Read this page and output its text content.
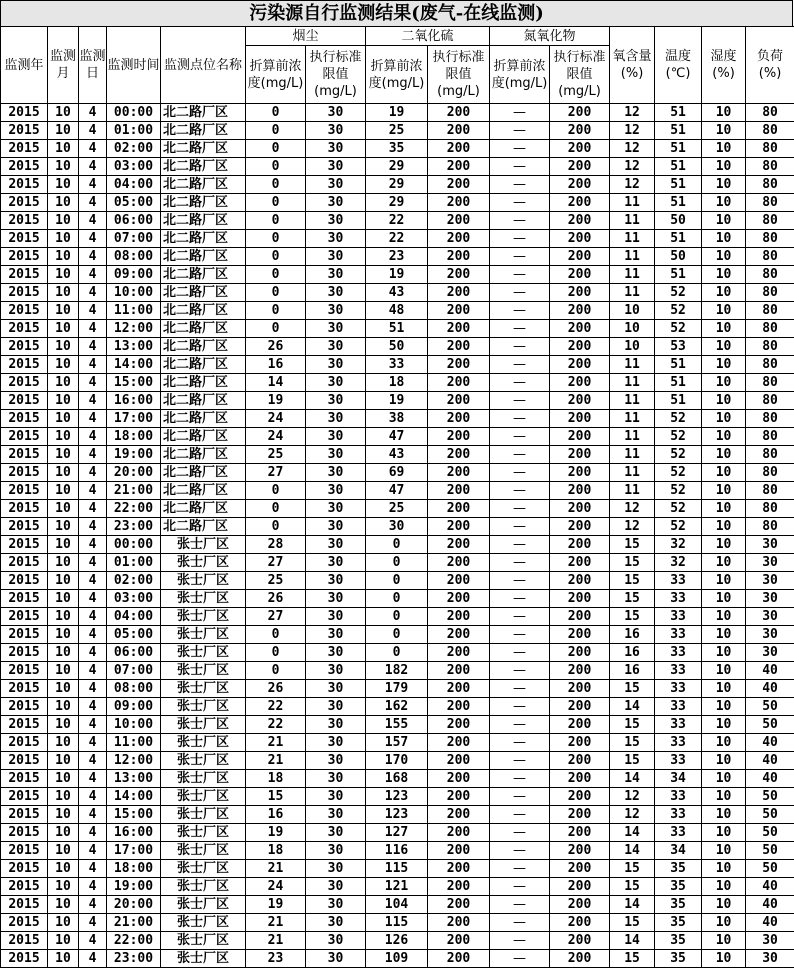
污染源自行监测结果(废气-在线监测)
监测年	监测月	监测日	监测时间	监测点位名称	烟尘		二氧化硫		氮氧化物		氧含量(%)	温度(℃)	湿度(%)	负荷(%)
					折算前浓度(mg/L)	执行标准限值(mg/L)	折算前浓度(mg/L)	执行标准限值(mg/L)	折算前浓度(mg/L)	执行标准限值(mg/L)				
2015	10	4	00:00	北二路厂区	0	30	19	200	—	200	12	51	10	80
2015	10	4	01:00	北二路厂区	0	30	25	200	—	200	12	51	10	80
2015	10	4	02:00	北二路厂区	0	30	35	200	—	200	12	51	10	80
2015	10	4	03:00	北二路厂区	0	30	29	200	—	200	12	51	10	80
2015	10	4	04:00	北二路厂区	0	30	29	200	—	200	12	51	10	80
2015	10	4	05:00	北二路厂区	0	30	29	200	—	200	11	51	10	80
2015	10	4	06:00	北二路厂区	0	30	22	200	—	200	11	50	10	80
2015	10	4	07:00	北二路厂区	0	30	22	200	—	200	11	51	10	80
2015	10	4	08:00	北二路厂区	0	30	23	200	—	200	11	50	10	80
2015	10	4	09:00	北二路厂区	0	30	19	200	—	200	11	51	10	80
2015	10	4	10:00	北二路厂区	0	30	43	200	—	200	11	52	10	80
2015	10	4	11:00	北二路厂区	0	30	48	200	—	200	10	52	10	80
2015	10	4	12:00	北二路厂区	0	30	51	200	—	200	10	52	10	80
2015	10	4	13:00	北二路厂区	26	30	50	200	—	200	10	53	10	80
2015	10	4	14:00	北二路厂区	16	30	33	200	—	200	11	51	10	80
2015	10	4	15:00	北二路厂区	14	30	18	200	—	200	11	51	10	80
2015	10	4	16:00	北二路厂区	19	30	19	200	—	200	11	51	10	80
2015	10	4	17:00	北二路厂区	24	30	38	200	—	200	11	52	10	80
2015	10	4	18:00	北二路厂区	24	30	47	200	—	200	11	52	10	80
2015	10	4	19:00	北二路厂区	25	30	43	200	—	200	11	52	10	80
2015	10	4	20:00	北二路厂区	27	30	69	200	—	200	11	52	10	80
2015	10	4	21:00	北二路厂区	0	30	47	200	—	200	11	52	10	80
2015	10	4	22:00	北二路厂区	0	30	25	200	—	200	12	52	10	80
2015	10	4	23:00	北二路厂区	0	30	30	200	—	200	12	52	10	80
2015	10	4	00:00	张士厂区	28	30	0	200	—	200	15	32	10	30
2015	10	4	01:00	张士厂区	27	30	0	200	—	200	15	32	10	30
2015	10	4	02:00	张士厂区	25	30	0	200	—	200	15	33	10	30
2015	10	4	03:00	张士厂区	26	30	0	200	—	200	15	33	10	30
2015	10	4	04:00	张士厂区	27	30	0	200	—	200	15	33	10	30
2015	10	4	05:00	张士厂区	0	30	0	200	—	200	16	33	10	30
2015	10	4	06:00	张士厂区	0	30	0	200	—	200	16	33	10	30
2015	10	4	07:00	张士厂区	0	30	182	200	—	200	16	33	10	40
2015	10	4	08:00	张士厂区	26	30	179	200	—	200	15	33	10	40
2015	10	4	09:00	张士厂区	22	30	162	200	—	200	14	33	10	50
2015	10	4	10:00	张士厂区	22	30	155	200	—	200	15	33	10	50
2015	10	4	11:00	张士厂区	21	30	157	200	—	200	15	33	10	40
2015	10	4	12:00	张士厂区	21	30	170	200	—	200	15	33	10	40
2015	10	4	13:00	张士厂区	18	30	168	200	—	200	14	34	10	40
2015	10	4	14:00	张士厂区	15	30	123	200	—	200	12	33	10	50
2015	10	4	15:00	张士厂区	16	30	123	200	—	200	12	33	10	50
2015	10	4	16:00	张士厂区	19	30	127	200	—	200	14	33	10	50
2015	10	4	17:00	张士厂区	18	30	116	200	—	200	14	34	10	50
2015	10	4	18:00	张士厂区	21	30	115	200	—	200	15	35	10	50
2015	10	4	19:00	张士厂区	24	30	121	200	—	200	15	35	10	40
2015	10	4	20:00	张士厂区	19	30	104	200	—	200	14	35	10	40
2015	10	4	21:00	张士厂区	21	30	115	200	—	200	15	35	10	40
2015	10	4	22:00	张士厂区	21	30	126	200	—	200	14	35	10	30
2015	10	4	23:00	张士厂区	23	30	109	200	—	200	15	35	10	30
